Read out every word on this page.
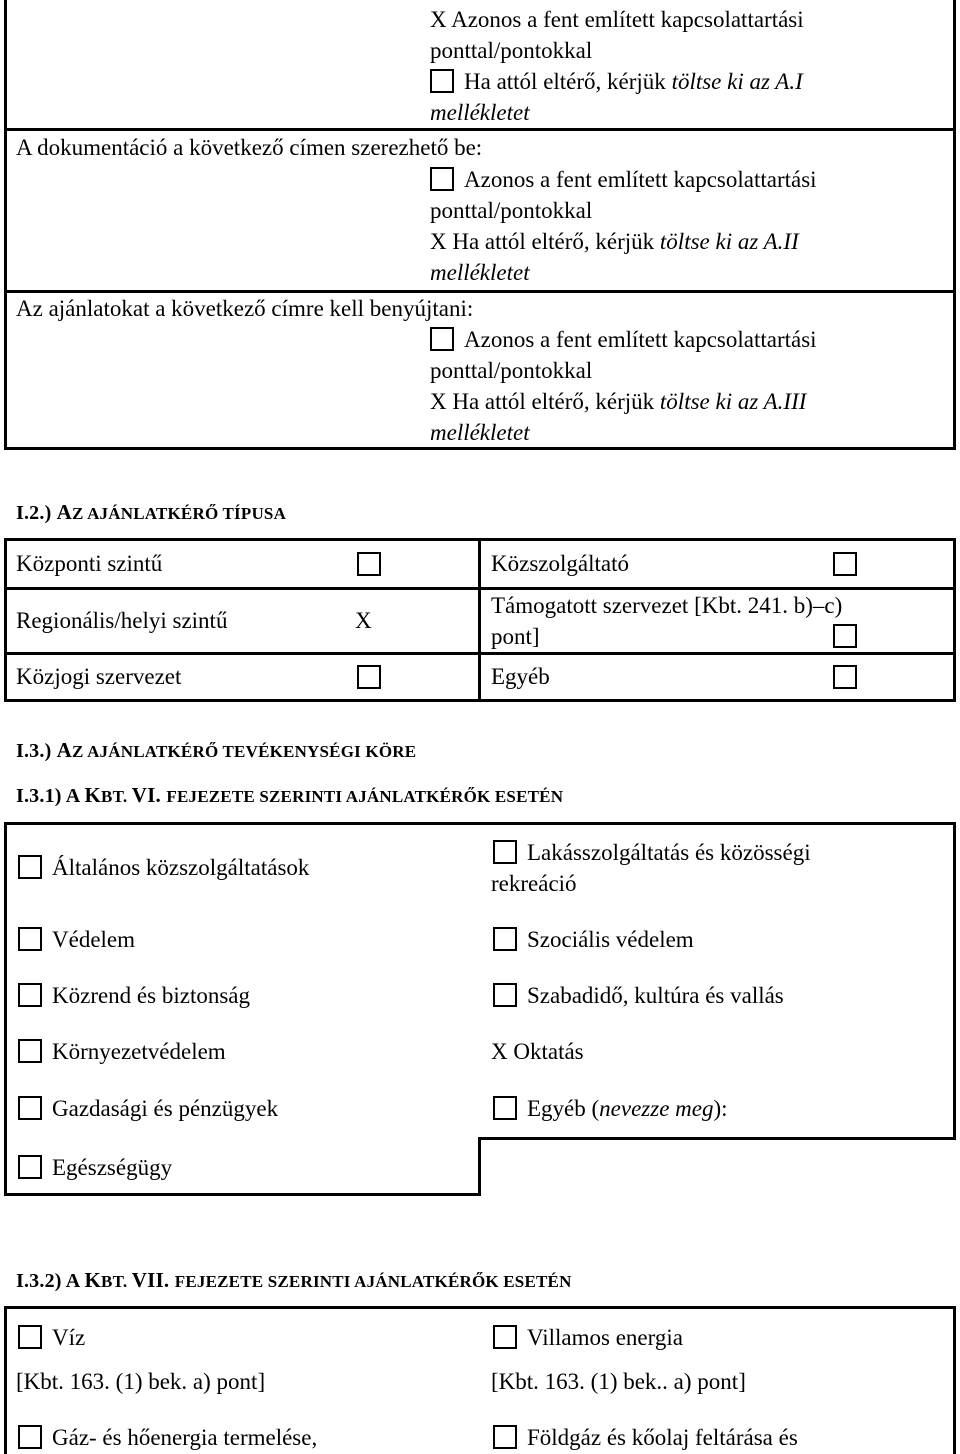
X Azonos a fent említett kapcsolattartási
ponttal/pontokkal
Ha attól eltérő, kérjük töltse ki az A.I
mellékletet
A dokumentáció a következő címen szerezhető be:
Azonos a fent említett kapcsolattartási
ponttal/pontokkal
X Ha attól eltérő, kérjük töltse ki az A.II
mellékletet
Az ajánlatokat a következő címre kell benyújtani:
Azonos a fent említett kapcsolattartási
ponttal/pontokkal
X Ha attól eltérő, kérjük töltse ki az A.III
mellékletet
I.2.) AZ AJÁNLATKÉRŐ TÍPUSA
Központi szintű
Regionális/helyi szintű	X
Közjogi szervezet
Közszolgáltató
Támogatott szervezet [Kbt. 241. b)–c)
pont]
Egyéb
I.3.) AZ AJÁNLATKÉRŐ TEVÉKENYSÉGI KÖRE
I.3.1) A KBT. VI. FEJEZETE SZERINTI AJÁNLATKÉRŐK ESETÉN
Általános közszolgáltatások
Védelem
Közrend és biztonság
Környezetvédelem
Gazdasági és pénzügyek
Egészségügy
Lakásszolgáltatás és közösségi
rekreáció
Szociális védelem
Szabadidő, kultúra és vallás
X Oktatás
Egyéb (nevezze meg):
I.3.2) A KBT. VII. FEJEZETE SZERINTI AJÁNLATKÉRŐK ESETÉN
Víz
[Kbt. 163. (1) bek. a) pont]
Gáz- és hőenergia termelése,
Villamos energia
[Kbt. 163. (1) bek.. a) pont]
Földgáz és kőolaj feltárása és
